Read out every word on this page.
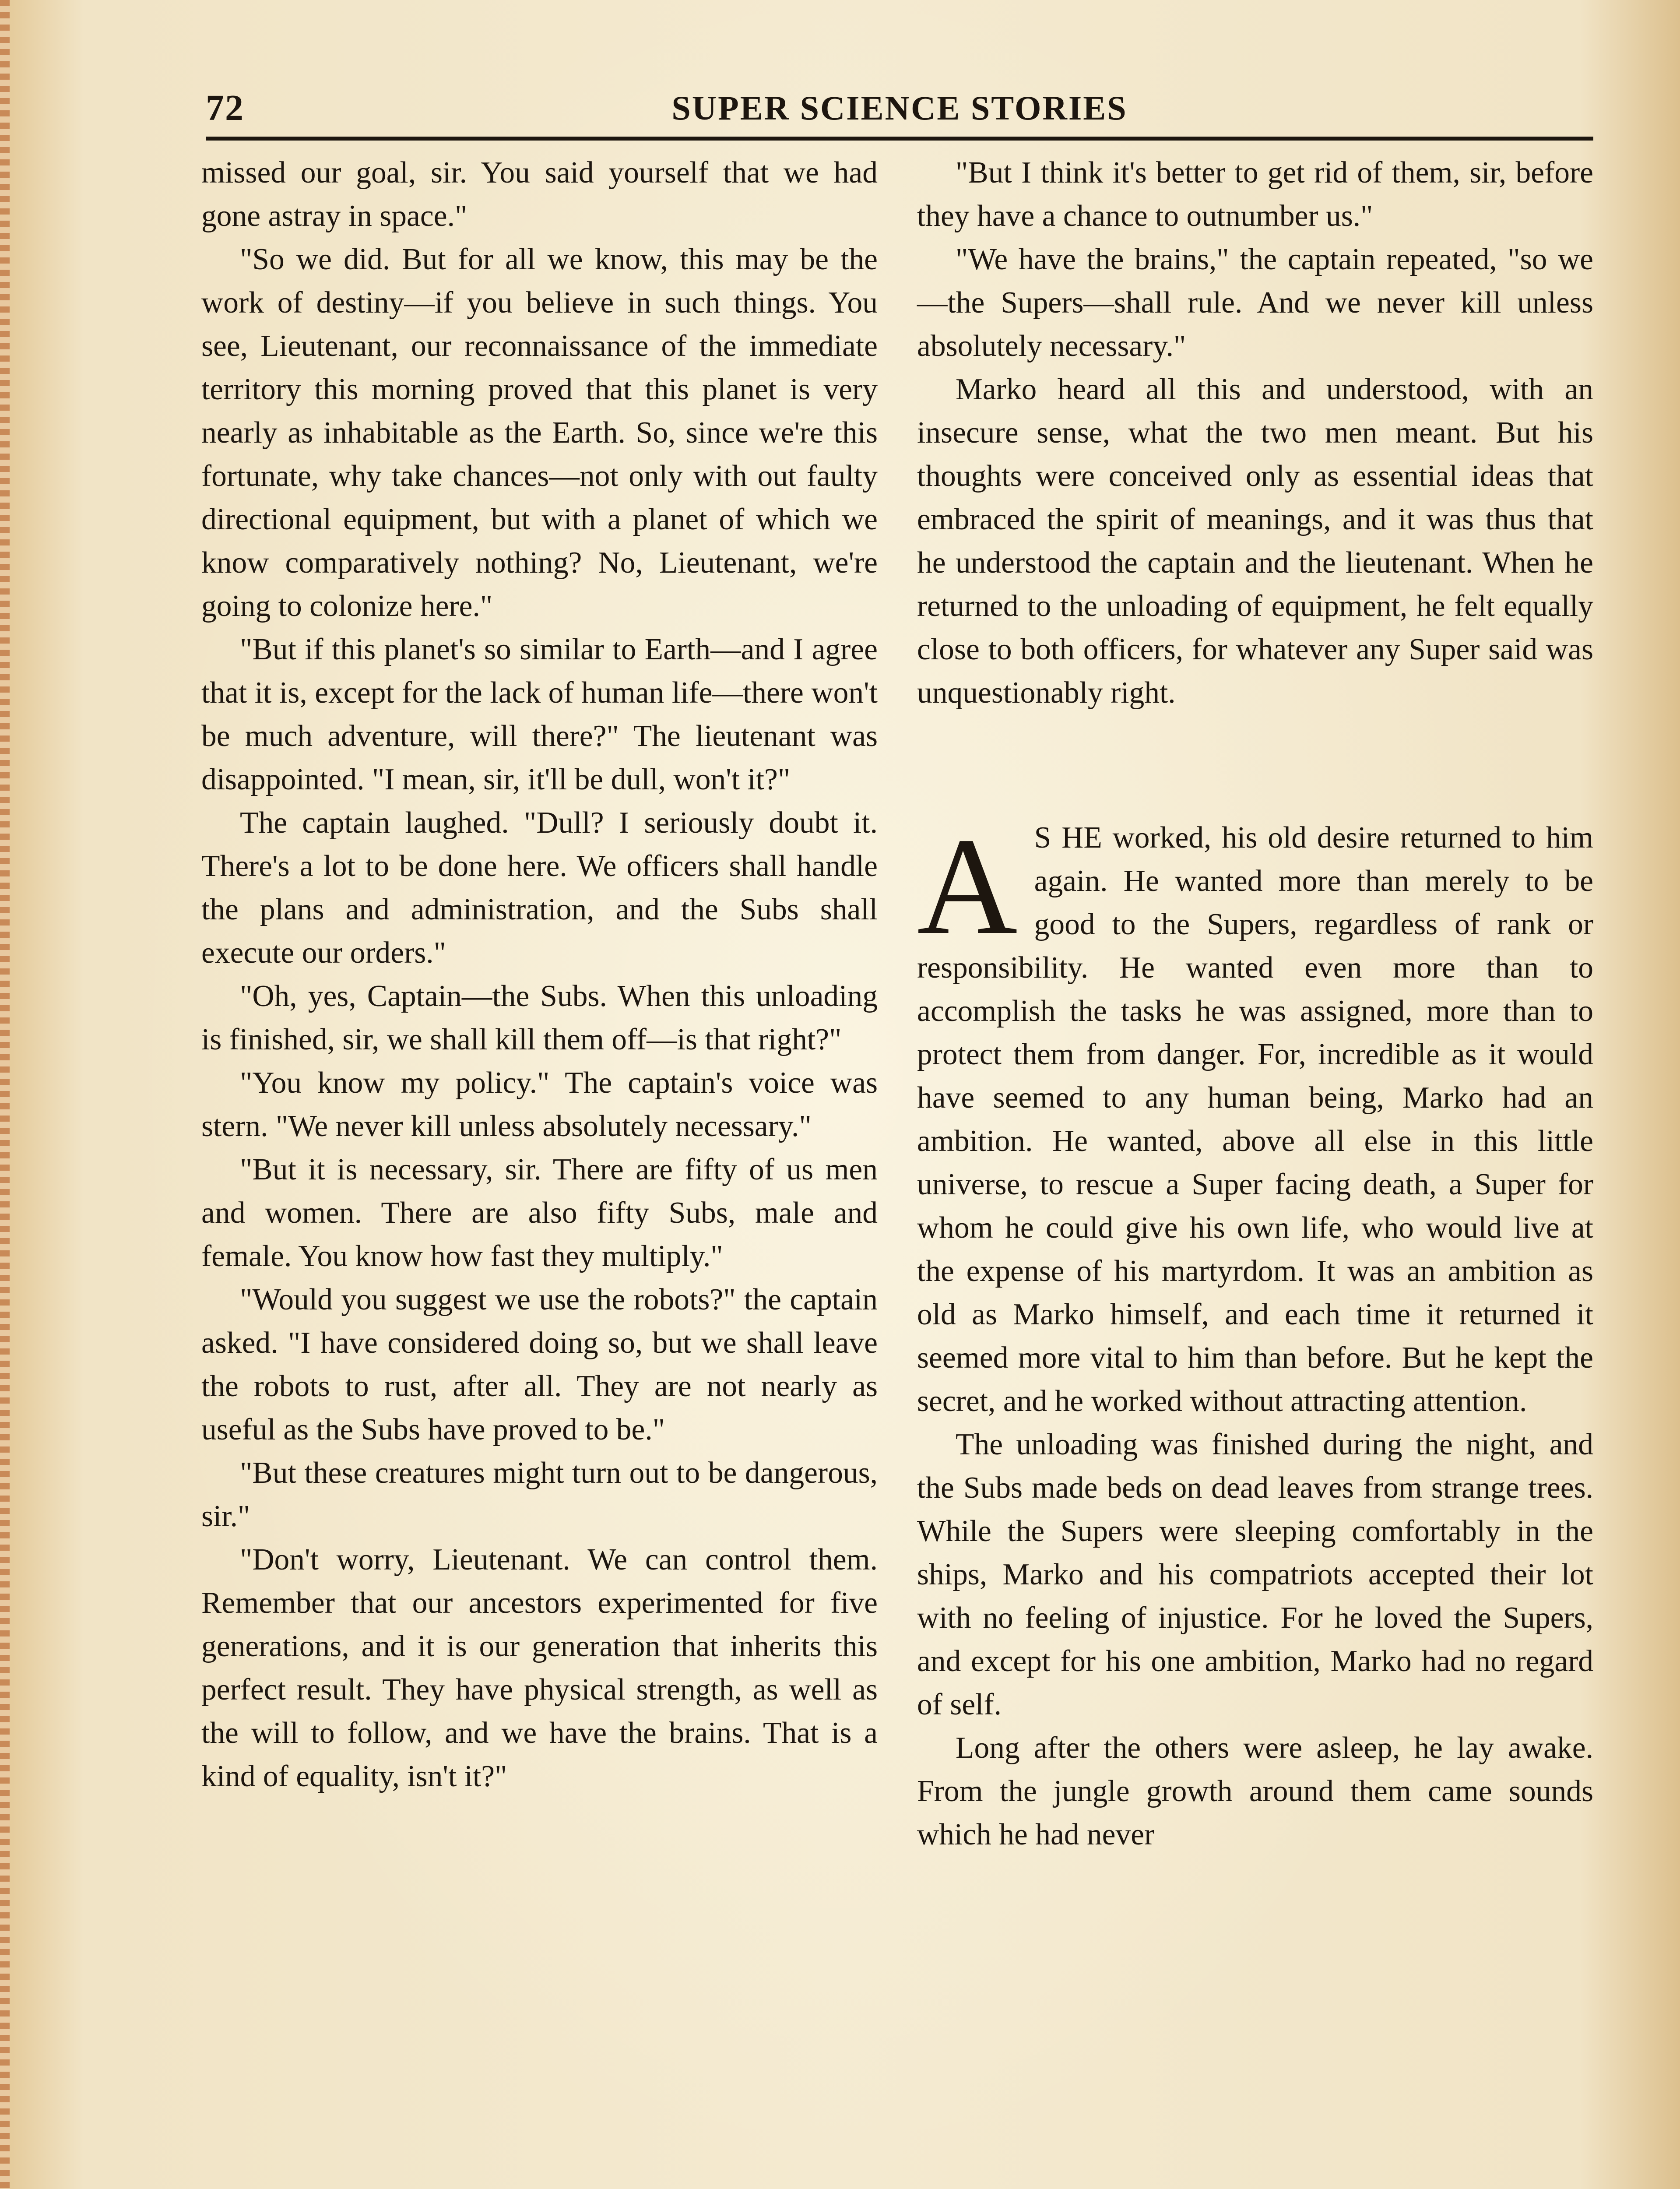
72	SUPER SCIENCE STORIES

missed our goal, sir. You said yourself that we had gone astray in space."

"So we did. But for all we know, this may be the work of destiny—if you believe in such things. You see, Lieutenant, our reconnaissance of the immediate territory this morning proved that this planet is very nearly as inhabitable as the Earth. So, since we're this fortunate, why take chances—not only with out faulty directional equipment, but with a planet of which we know comparatively nothing? No, Lieutenant, we're going to colonize here."

"But if this planet's so similar to Earth—and I agree that it is, except for the lack of human life—there won't be much adventure, will there?" The lieutenant was disappointed. "I mean, sir, it'll be dull, won't it?"

The captain laughed. "Dull? I seriously doubt it. There's a lot to be done here. We officers shall handle the plans and administration, and the Subs shall execute our orders."

"Oh, yes, Captain—the Subs. When this unloading is finished, sir, we shall kill them off—is that right?"

"You know my policy." The captain's voice was stern. "We never kill unless absolutely necessary."

"But it is necessary, sir. There are fifty of us men and women. There are also fifty Subs, male and female. You know how fast they multiply."

"Would you suggest we use the robots?" the captain asked. "I have considered doing so, but we shall leave the robots to rust, after all. They are not nearly as useful as the Subs have proved to be."

"But these creatures might turn out to be dangerous, sir."

"Don't worry, Lieutenant. We can control them. Remember that our ancestors experimented for five generations, and it is our generation that inherits this perfect result. They have physical strength, as well as the will to follow, and we have the brains. That is a kind of equality, isn't it?"

"But I think it's better to get rid of them, sir, before they have a chance to outnumber us."

"We have the brains," the captain repeated, "so we—the Supers—shall rule. And we never kill unless absolutely necessary."

Marko heard all this and understood, with an insecure sense, what the two men meant. But his thoughts were conceived only as essential ideas that embraced the spirit of meanings, and it was thus that he understood the captain and the lieutenant. When he returned to the unloading of equipment, he felt equally close to both officers, for whatever any Super said was unquestionably right.

A S HE worked, his old desire returned to him again. He wanted more than merely to be good to the Supers, regardless of rank or responsibility. He wanted even more than to accomplish the tasks he was assigned, more than to protect them from danger. For, incredible as it would have seemed to any human being, Marko had an ambition. He wanted, above all else in this little universe, to rescue a Super facing death, a Super for whom he could give his own life, who would live at the expense of his martyrdom. It was an ambition as old as Marko himself, and each time it returned it seemed more vital to him than before. But he kept the secret, and he worked without attracting attention.

The unloading was finished during the night, and the Subs made beds on dead leaves from strange trees. While the Supers were sleeping comfortably in the ships, Marko and his compatriots accepted their lot with no feeling of injustice. For he loved the Supers, and except for his one ambition, Marko had no regard of self.

Long after the others were asleep, he lay awake. From the jungle growth around them came sounds which he had never
